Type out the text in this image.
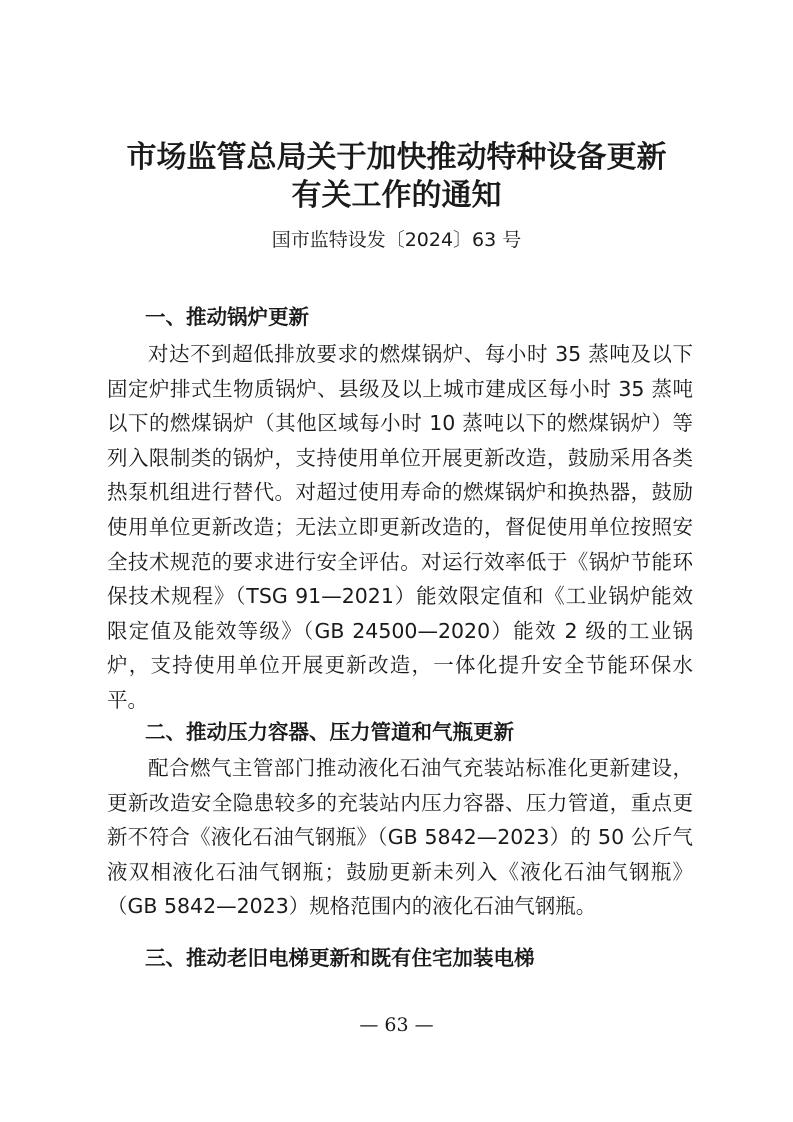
市场监管总局关于加快推动特种设备更新
有关工作的通知
国市监特设发〔2024〕63 号
一、推动锅炉更新

对达不到超低排放要求的燃煤锅炉、每小时 35 蒸吨及以下固定炉排式生物质锅炉、县级及以上城市建成区每小时 35 蒸吨以下的燃煤锅炉（其他区域每小时 10 蒸吨以下的燃煤锅炉）等列入限制类的锅炉，支持使用单位开展更新改造，鼓励采用各类热泵机组进行替代。对超过使用寿命的燃煤锅炉和换热器，鼓励使用单位更新改造；无法立即更新改造的，督促使用单位按照安全技术规范的要求进行安全评估。对运行效率低于《锅炉节能环保技术规程》（TSG 91—2021）能效限定值和《工业锅炉能效限定值及能效等级》（GB 24500—2020）能效 2 级的工业锅炉，支持使用单位开展更新改造，一体化提升安全节能环保水平。

二、推动压力容器、压力管道和气瓶更新

配合燃气主管部门推动液化石油气充装站标准化更新建设，更新改造安全隐患较多的充装站内压力容器、压力管道，重点更新不符合《液化石油气钢瓶》（GB 5842—2023）的 50 公斤气液双相液化石油气钢瓶；鼓励更新未列入《液化石油气钢瓶》（GB 5842—2023）规格范围内的液化石油气钢瓶。

三、推动老旧电梯更新和既有住宅加装电梯
— 63 —
